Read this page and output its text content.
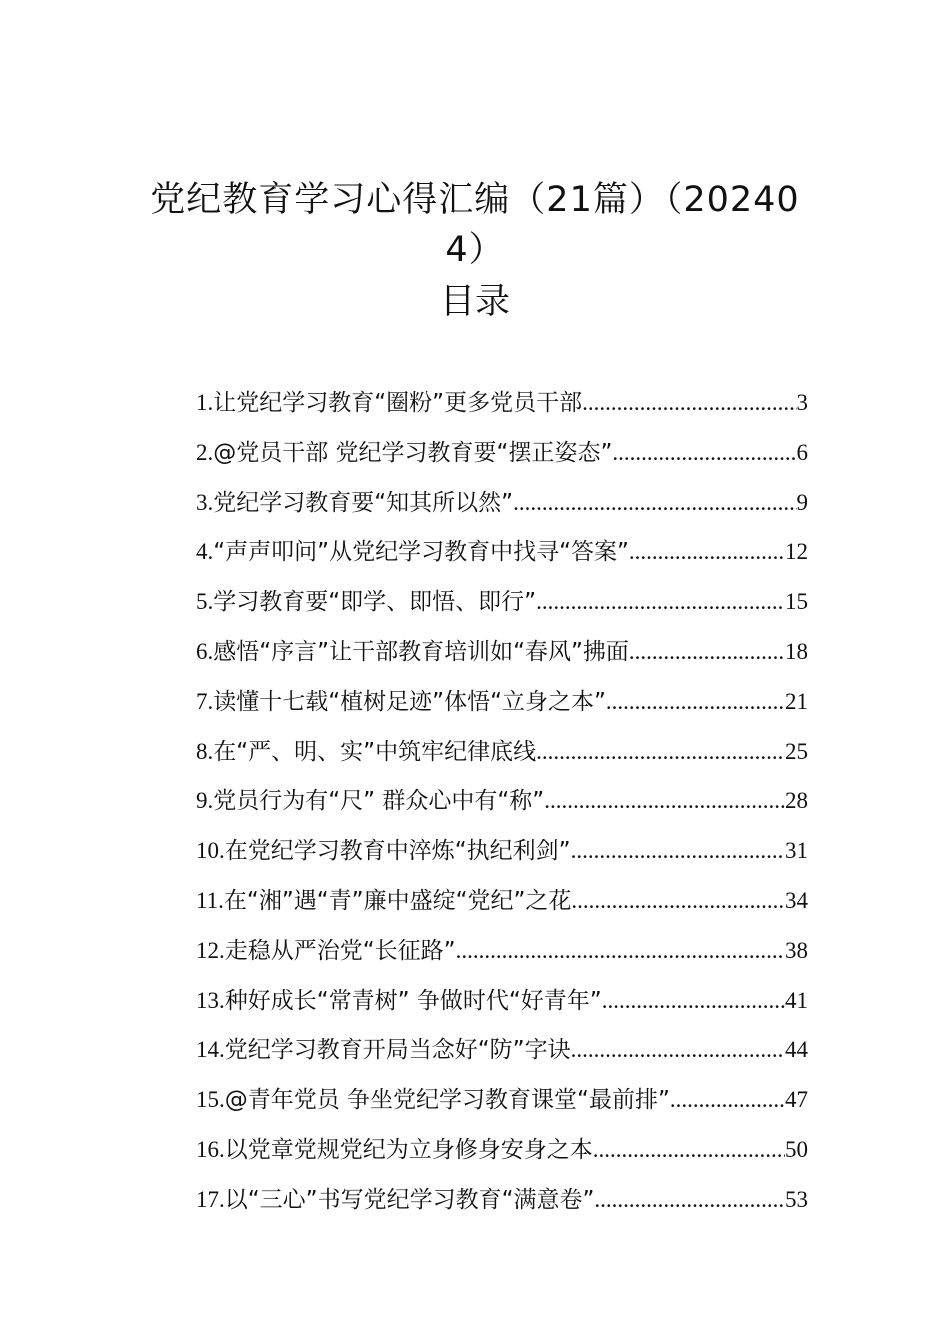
党纪教育学习心得汇编（21篇）（20240
4）
目录
1. 让党纪学习教育“圈粉”更多党员干部 .....	3
2. @党员干部 党纪学习教育要“摆正姿态” .....	6
3. 党纪学习教育要“知其所以然” .....	9
4. “声声叩问”从党纪学习教育中找寻“答案” .....	12
5. 学习教育要“即学、即悟、即行” .....	15
6. 感悟“序言”让干部教育培训如“春风”拂面 .....	18
7. 读懂十七载“植树足迹”体悟“立身之本” .....	21
8. 在“严、明、实”中筑牢纪律底线 .....	25
9. 党员行为有“尺” 群众心中有“称” .....	28
10. 在党纪学习教育中淬炼“执纪利剑” .....	31
11. 在“湘”遇“青”廉中盛绽“党纪”之花 .....	34
12. 走稳从严治党“长征路” .....	38
13. 种好成长“常青树” 争做时代“好青年” .....	41
14. 党纪学习教育开局当念好“防”字诀 .....	44
15. @青年党员 争坐党纪学习教育课堂“最前排” .....	47
16. 以党章党规党纪为立身修身安身之本 .....	50
17. 以“三心”书写党纪学习教育“满意卷” .....	53
